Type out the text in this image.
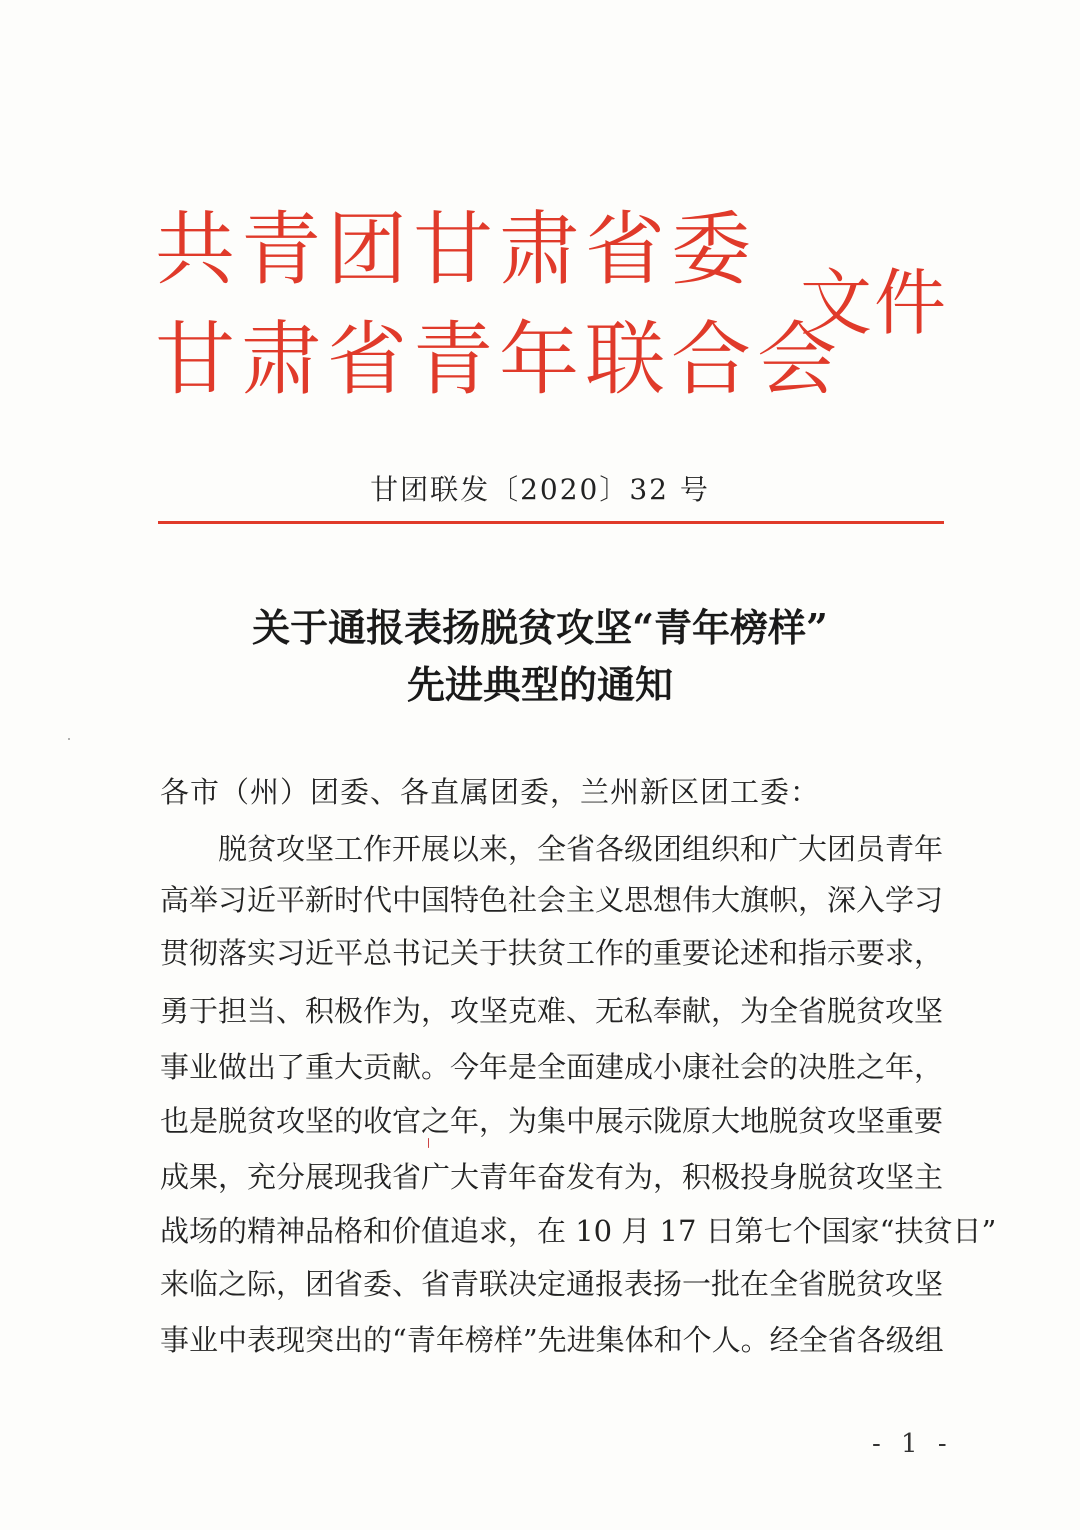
共青团甘肃省委
甘肃省青年联合会
文件
甘团联发〔2020〕32 号
关于通报表扬脱贫攻坚“青年榜样”
先进典型的通知
各市（州）团委、各直属团委，兰州新区团工委：
脱贫攻坚工作开展以来，全省各级团组织和广大团员青年
高举习近平新时代中国特色社会主义思想伟大旗帜，深入学习
贯彻落实习近平总书记关于扶贫工作的重要论述和指示要求，
勇于担当、积极作为，攻坚克难、无私奉献，为全省脱贫攻坚
事业做出了重大贡献。今年是全面建成小康社会的决胜之年，
也是脱贫攻坚的收官之年，为集中展示陇原大地脱贫攻坚重要
成果，充分展现我省广大青年奋发有为，积极投身脱贫攻坚主
战场的精神品格和价值追求，在 10 月 17 日第七个国家“扶贫日”
来临之际，团省委、省青联决定通报表扬一批在全省脱贫攻坚
事业中表现突出的“青年榜样”先进集体和个人。经全省各级组
- 1 -
